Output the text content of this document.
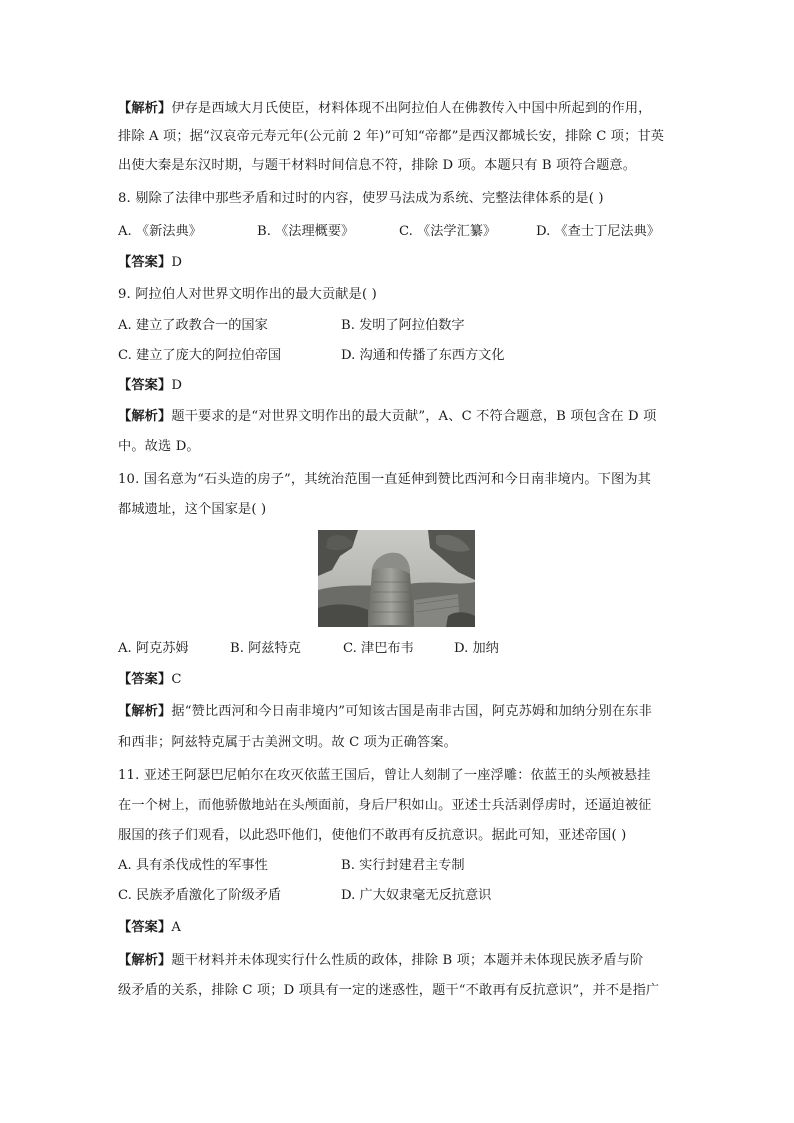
【解析】伊存是西域大月氏使臣，材料体现不出阿拉伯人在佛教传入中国中所起到的作用，
排除 A 项；据“汉哀帝元寿元年(公元前 2 年)”可知“帝都”是西汉都城长安，排除 C 项；甘英
出使大秦是东汉时期，与题干材料时间信息不符，排除 D 项。本题只有 B 项符合题意。
8. 剔除了法律中那些矛盾和过时的内容，使罗马法成为系统、完整法律体系的是( )
A. 《新法典》	B. 《法理概要》	C. 《法学汇纂》	D. 《查士丁尼法典》
【答案】D
9. 阿拉伯人对世界文明作出的最大贡献是( )
A. 建立了政教合一的国家	B. 发明了阿拉伯数字
C. 建立了庞大的阿拉伯帝国	D. 沟通和传播了东西方文化
【答案】D
【解析】题干要求的是“对世界文明作出的最大贡献”，A、C 不符合题意，B 项包含在 D 项
中。故选 D。
10. 国名意为“石头造的房子”，其统治范围一直延伸到赞比西河和今日南非境内。下图为其
都城遗址，这个国家是( )
A. 阿克苏姆	B. 阿兹特克	C. 津巴布韦	D. 加纳
【答案】C
【解析】据“赞比西河和今日南非境内”可知该古国是南非古国，阿克苏姆和加纳分别在东非
和西非；阿兹特克属于古美洲文明。故 C 项为正确答案。
11. 亚述王阿瑟巴尼帕尔在攻灭依蓝王国后，曾让人刻制了一座浮雕：依蓝王的头颅被悬挂
在一个树上，而他骄傲地站在头颅面前，身后尸积如山。亚述士兵活剥俘虏时，还逼迫被征
服国的孩子们观看，以此恐吓他们，使他们不敢再有反抗意识。据此可知，亚述帝国( )
A. 具有杀伐成性的军事性	B. 实行封建君主专制
C. 民族矛盾激化了阶级矛盾	D. 广大奴隶毫无反抗意识
【答案】A
【解析】题干材料并未体现实行什么性质的政体，排除 B 项；本题并未体现民族矛盾与阶
级矛盾的关系，排除 C 项；D 项具有一定的迷惑性，题干“不敢再有反抗意识”，并不是指广
